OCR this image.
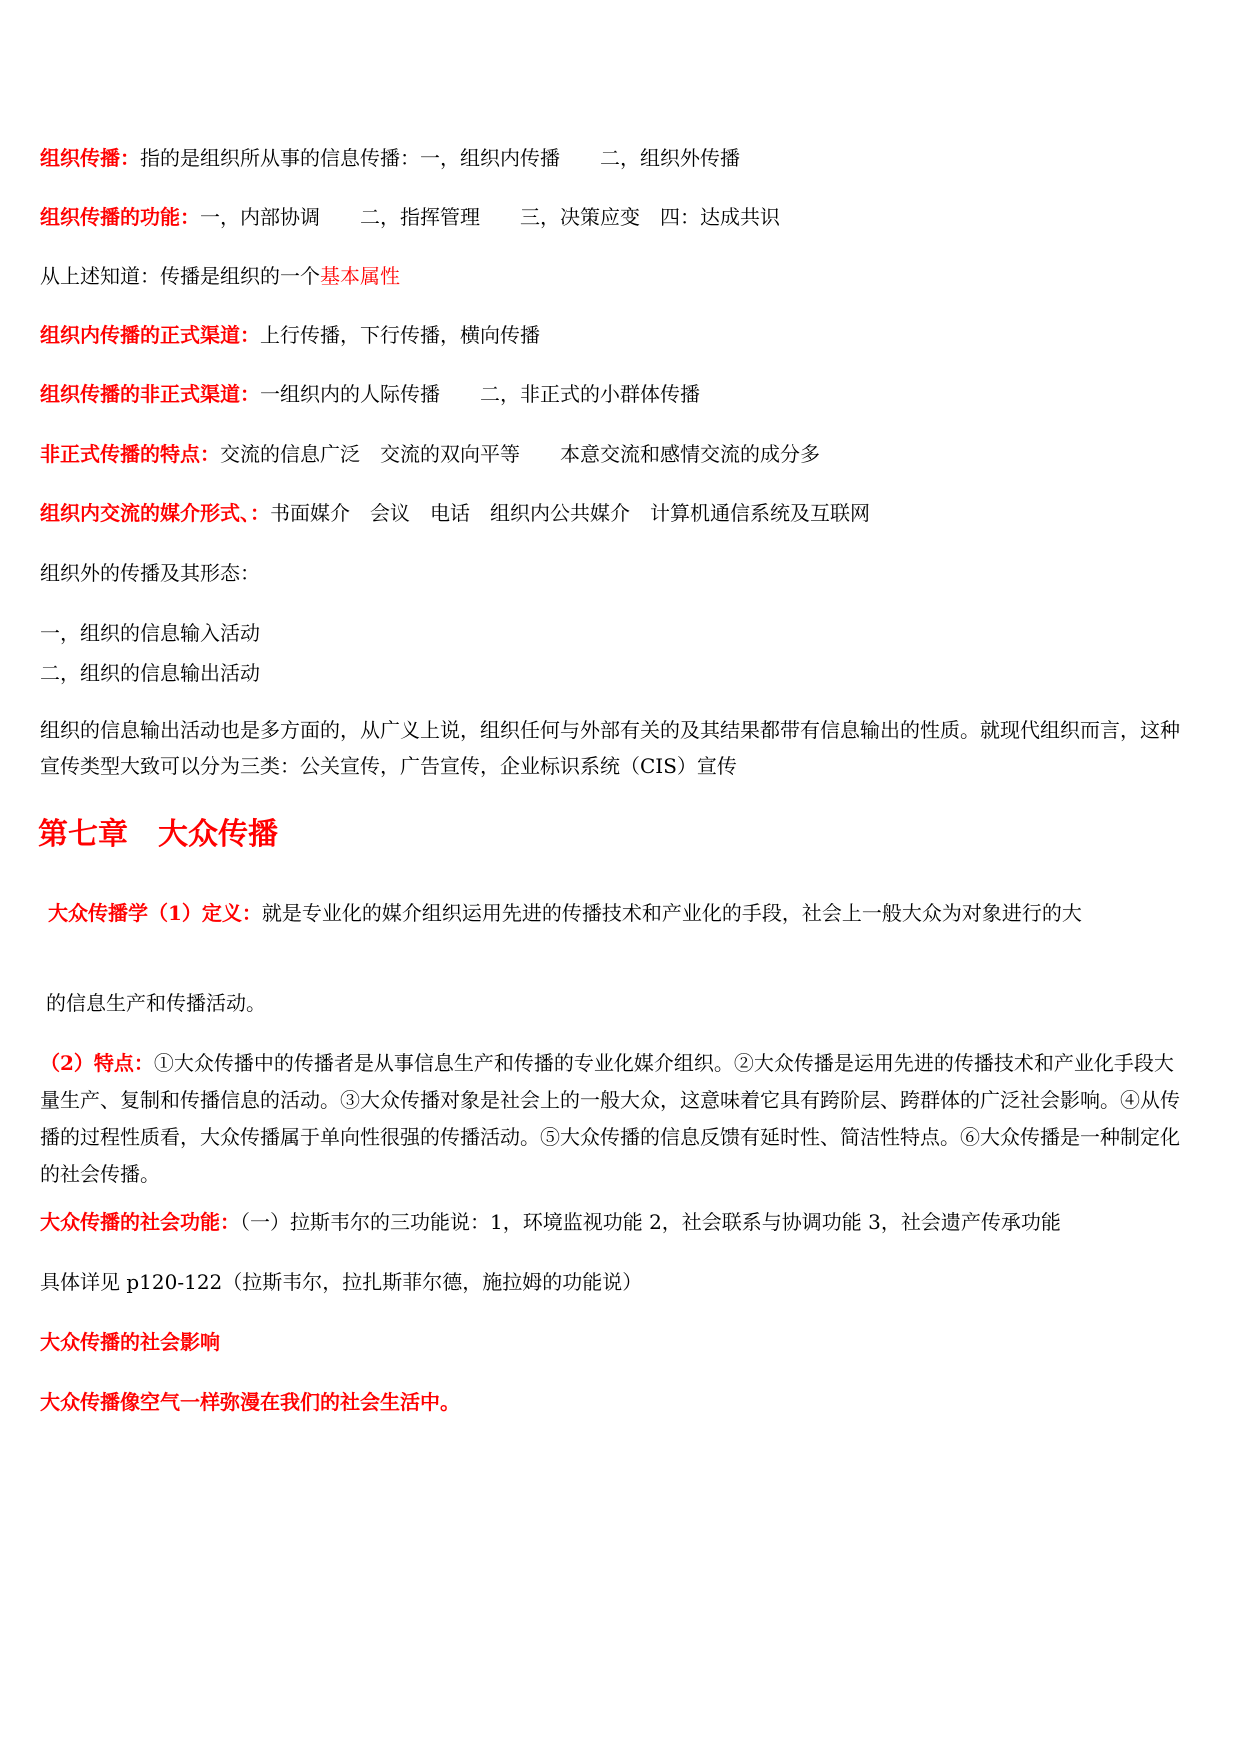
组织传播：指的是组织所从事的信息传播：一，组织内传播　　二，组织外传播
组织传播的功能：一，内部协调　　二，指挥管理　　三，决策应变　四：达成共识
从上述知道：传播是组织的一个基本属性
组织内传播的正式渠道：上行传播，下行传播，横向传播
组织传播的非正式渠道：一组织内的人际传播　　二，非正式的小群体传播
非正式传播的特点：交流的信息广泛　交流的双向平等　　本意交流和感情交流的成分多
组织内交流的媒介形式、：书面媒介　会议　电话　组织内公共媒介　计算机通信系统及互联网
组织外的传播及其形态：
一，组织的信息输入活动
二，组织的信息输出活动
组织的信息输出活动也是多方面的，从广义上说，组织任何与外部有关的及其结果都带有信息输出的性质。就现代组织而言，这种宣传类型大致可以分为三类：公关宣传，广告宣传，企业标识系统（CIS）宣传
第七章　大众传播
大众传播学（1）定义：就是专业化的媒介组织运用先进的传播技术和产业化的手段，社会上一般大众为对象进行的大
的信息生产和传播活动。
（2）特点：①大众传播中的传播者是从事信息生产和传播的专业化媒介组织。②大众传播是运用先进的传播技术和产业化手段大量生产、复制和传播信息的活动。③大众传播对象是社会上的一般大众，这意味着它具有跨阶层、跨群体的广泛社会影响。④从传播的过程性质看，大众传播属于单向性很强的传播活动。⑤大众传播的信息反馈有延时性、简洁性特点。⑥大众传播是一种制定化的社会传播。
大众传播的社会功能：（一）拉斯韦尔的三功能说：1，环境监视功能 2，社会联系与协调功能 3，社会遗产传承功能
具体详见 p120-122（拉斯韦尔，拉扎斯菲尔德，施拉姆的功能说）
大众传播的社会影响
大众传播像空气一样弥漫在我们的社会生活中。
